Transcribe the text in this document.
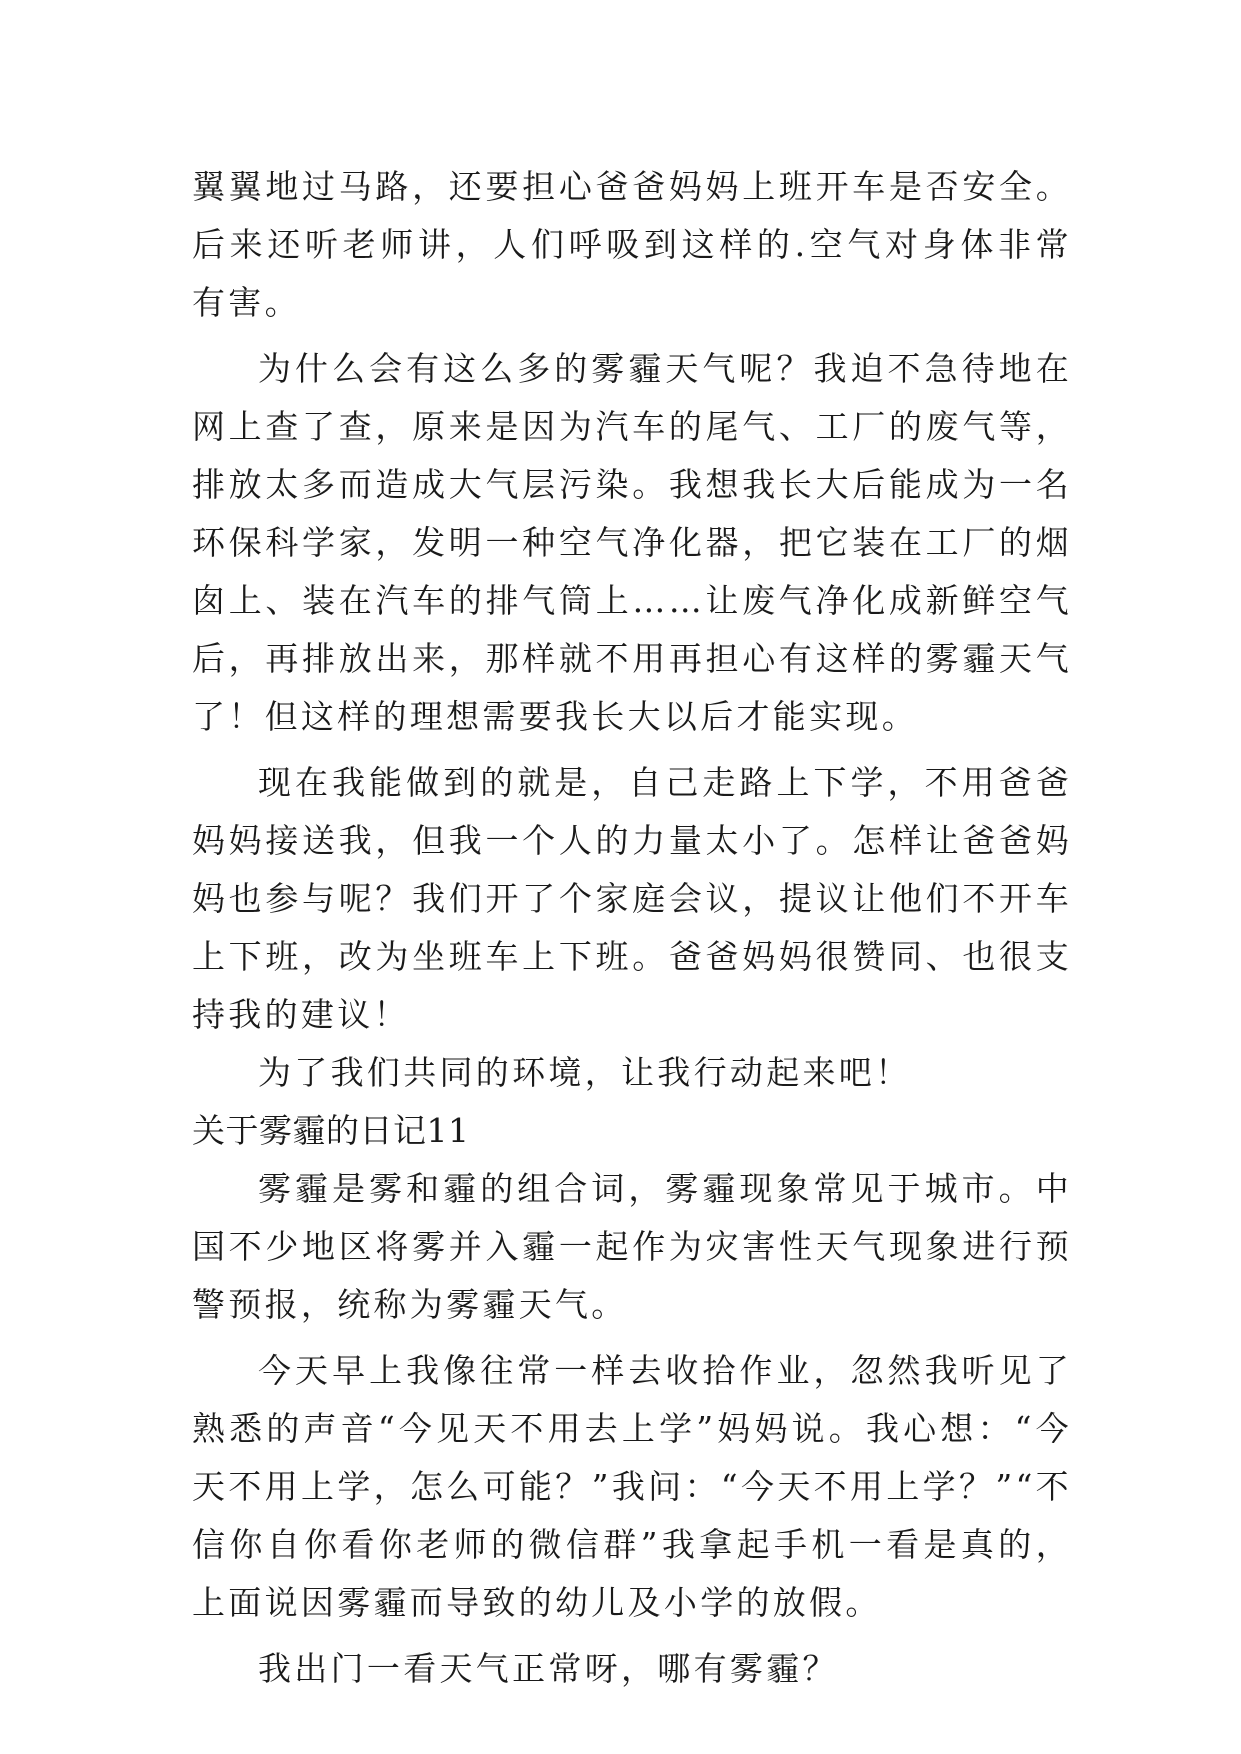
翼翼地过马路，还要担心爸爸妈妈上班开车是否安全。后来还听老师讲，人们呼吸到这样的.空气对身体非常有害。

为什么会有这么多的雾霾天气呢？我迫不急待地在网上查了查，原来是因为汽车的尾气、工厂的废气等，排放太多而造成大气层污染。我想我长大后能成为一名环保科学家，发明一种空气净化器，把它装在工厂的烟囱上、装在汽车的排气筒上……让废气净化成新鲜空气后，再排放出来，那样就不用再担心有这样的雾霾天气了！但这样的理想需要我长大以后才能实现。

现在我能做到的就是，自己走路上下学，不用爸爸妈妈接送我，但我一个人的力量太小了。怎样让爸爸妈妈也参与呢？我们开了个家庭会议，提议让他们不开车上下班，改为坐班车上下班。爸爸妈妈很赞同、也很支持我的建议！

为了我们共同的环境，让我行动起来吧！

关于雾霾的日记11

雾霾是雾和霾的组合词，雾霾现象常见于城市。中国不少地区将雾并入霾一起作为灾害性天气现象进行预警预报，统称为雾霾天气。

今天早上我像往常一样去收拾作业，忽然我听见了熟悉的声音“今见天不用去上学”妈妈说。我心想：“今天不用上学，怎么可能？”我问：“今天不用上学？”“不信你自你看你老师的微信群”我拿起手机一看是真的，上面说因雾霾而导致的幼儿及小学的放假。

我出门一看天气正常呀，哪有雾霾？
